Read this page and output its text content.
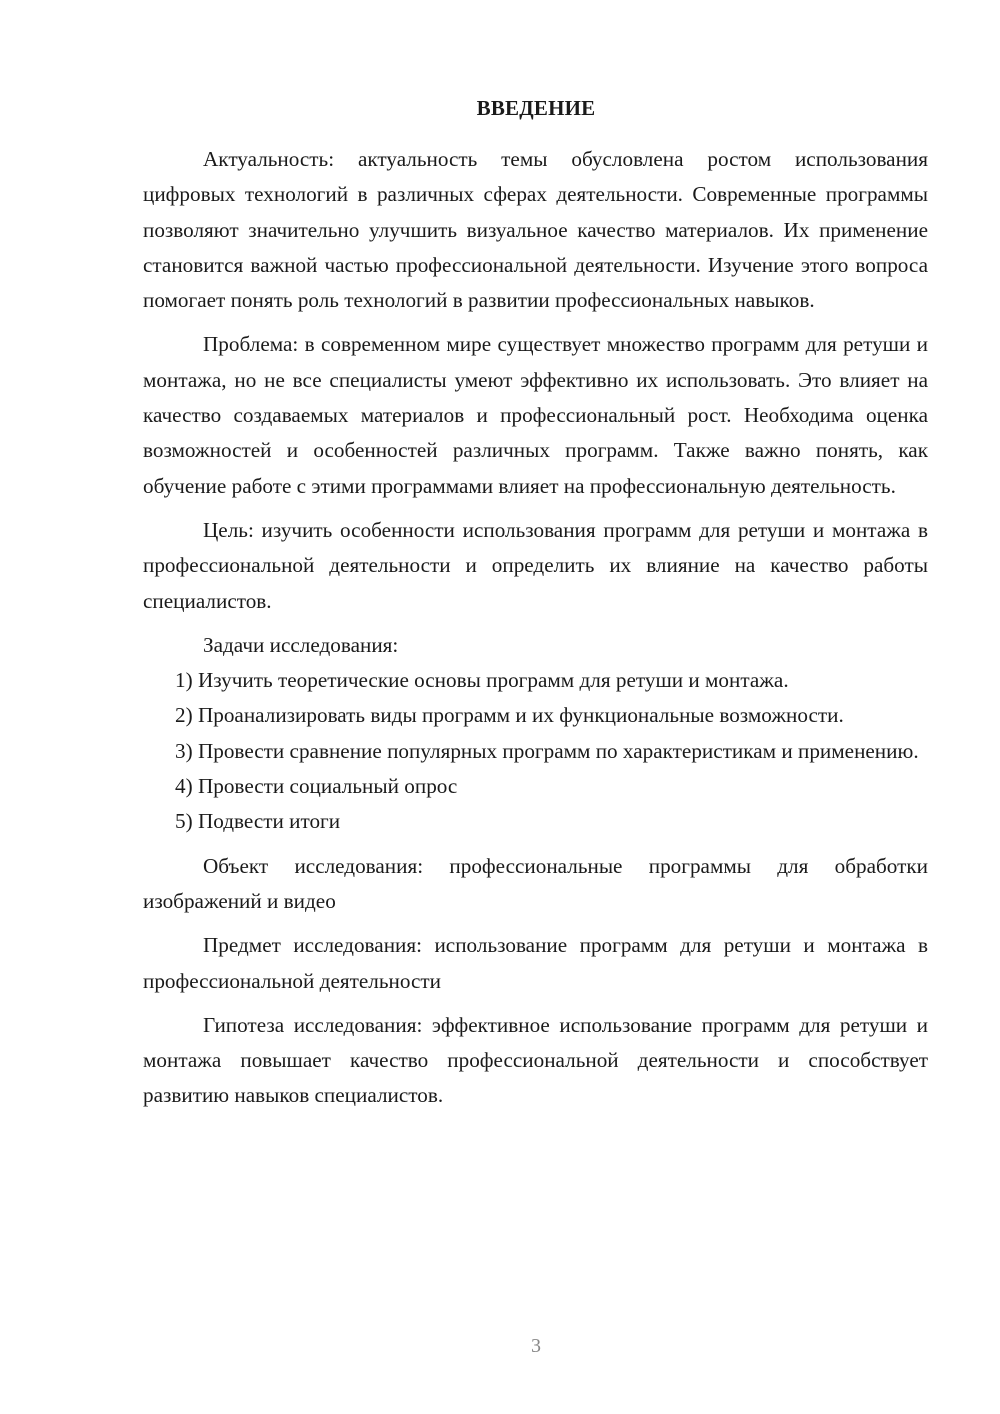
ВВЕДЕНИЕ

Актуальность: актуальность темы обусловлена ростом использования цифровых технологий в различных сферах деятельности. Современные программы позволяют значительно улучшить визуальное качество материалов. Их применение становится важной частью профессиональной деятельности. Изучение этого вопроса помогает понять роль технологий в развитии профессиональных навыков.

Проблема: в современном мире существует множество программ для ретуши и монтажа, но не все специалисты умеют эффективно их использовать. Это влияет на качество создаваемых материалов и профессиональный рост. Необходима оценка возможностей и особенностей различных программ. Также важно понять, как обучение работе с этими программами влияет на профессиональную деятельность.

Цель: изучить особенности использования программ для ретуши и монтажа в профессиональной деятельности и определить их влияние на качество работы специалистов.

Задачи исследования:

1) Изучить теоретические основы программ для ретуши и монтажа.

2) Проанализировать виды программ и их функциональные возможности.

3) Провести сравнение популярных программ по характеристикам и применению.

4) Провести социальный опрос

5) Подвести итоги

Объект исследования: профессиональные программы для обработки изображений и видео

Предмет исследования: использование программ для ретуши и монтажа в профессиональной деятельности

Гипотеза исследования: эффективное использование программ для ретуши и монтажа повышает качество профессиональной деятельности и способствует развитию навыков специалистов.

3
